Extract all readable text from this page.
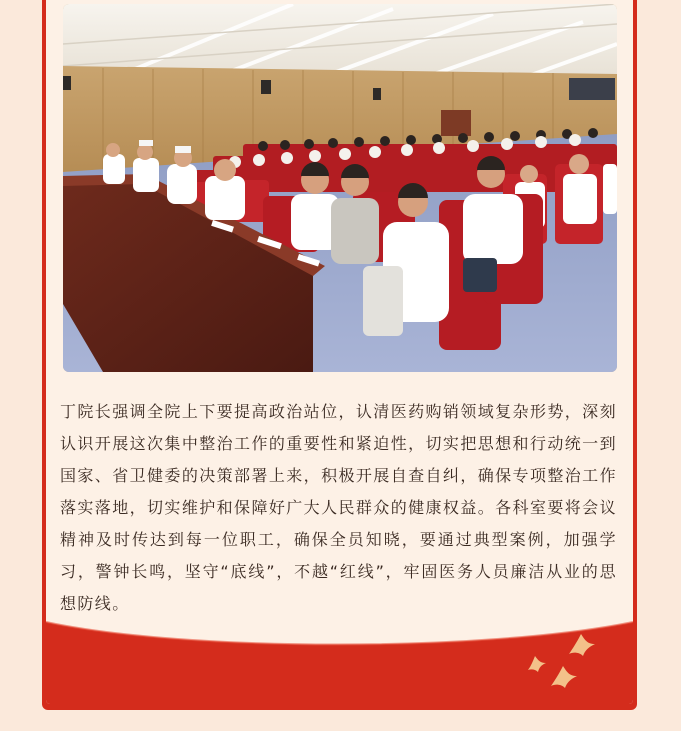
丁院长强调全院上下要提高政治站位，认清医药购销领域复杂形势，深刻认识开展这次集中整治工作的重要性和紧迫性，切实把思想和行动统一到国家、省卫健委的决策部署上来，积极开展自查自纠，确保专项整治工作落实落地，切实维护和保障好广大人民群众的健康权益。各科室要将会议精神及时传达到每一位职工，确保全员知晓，要通过典型案例，加强学习，警钟长鸣，坚守“底线”，不越“红线”，牢固医务人员廉洁从业的思想防线。
